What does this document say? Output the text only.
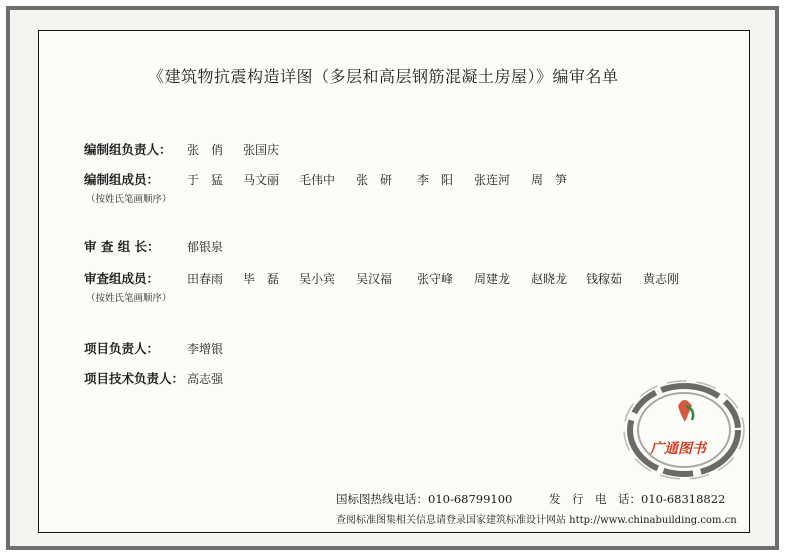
《建筑物抗震构造详图（多层和高层钢筋混凝土房屋）》编审名单
编制组负责人： 张　俏 张国庆
编制组成员：
（按姓氏笔画顺序）
于　猛 马文丽 毛伟中 张　研 李　阳 张连河 周　笋
审 查 组 长： 郁银泉
审查组成员：
（按姓氏笔画顺序）
田春雨 毕　磊 吴小宾 吴汉福 张守峰 周建龙 赵晓龙 钱稼茹 黄志刚
项目负责人： 李增银
项目技术负责人： 高志强
广通图书
国标图热线电话：010-68799100	发　行　电　话：010-68318822
查阅标准图集相关信息请登录国家建筑标准设计网站 http://www.chinabuilding.com.cn
